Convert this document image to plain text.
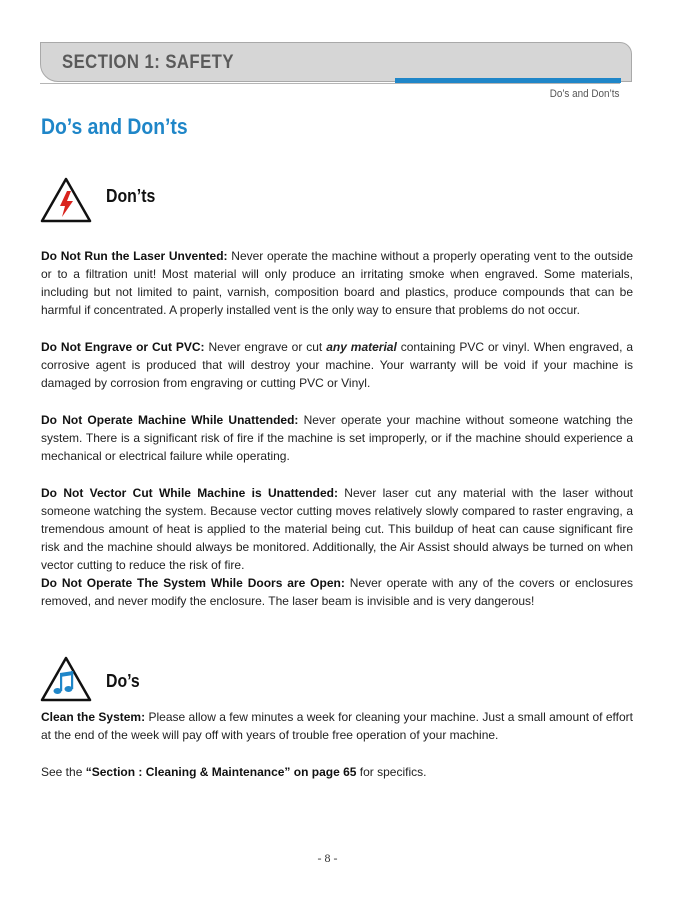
SECTION 1: SAFETY
Do’s and Don’ts
Do’s and Don’ts
Don’ts
Do Not Run the Laser Unvented: Never operate the machine without a properly operating vent to the outside or to a filtration unit! Most material will only produce an irritating smoke when engraved. Some materials, including but not limited to paint, varnish, composition board and plastics, produce compounds that can be harmful if concentrated. A properly installed vent is the only way to ensure that problems do not occur.
Do Not Engrave or Cut PVC: Never engrave or cut any material containing PVC or vinyl. When engraved, a corrosive agent is produced that will destroy your machine. Your warranty will be void if your machine is damaged by corrosion from engraving or cutting PVC or Vinyl.
Do Not Operate Machine While Unattended: Never operate your machine without someone watching the system. There is a significant risk of fire if the machine is set improperly, or if the machine should experience a mechanical or electrical failure while operating.
Do Not Vector Cut While Machine is Unattended: Never laser cut any material with the laser without someone watching the system. Because vector cutting moves relatively slowly compared to raster engraving, a tremendous amount of heat is applied to the material being cut. This buildup of heat can cause significant fire risk and the machine should always be monitored. Additionally, the Air Assist should always be turned on when vector cutting to reduce the risk of fire.
Do Not Operate The System While Doors are Open: Never operate with any of the covers or enclosures removed, and never modify the enclosure. The laser beam is invisible and is very dangerous!
Do’s
Clean the System: Please allow a few minutes a week for cleaning your machine. Just a small amount of effort at the end of the week will pay off with years of trouble free operation of your machine.
See the “Section : Cleaning & Maintenance” on page 65 for specifics.
- 8 -
